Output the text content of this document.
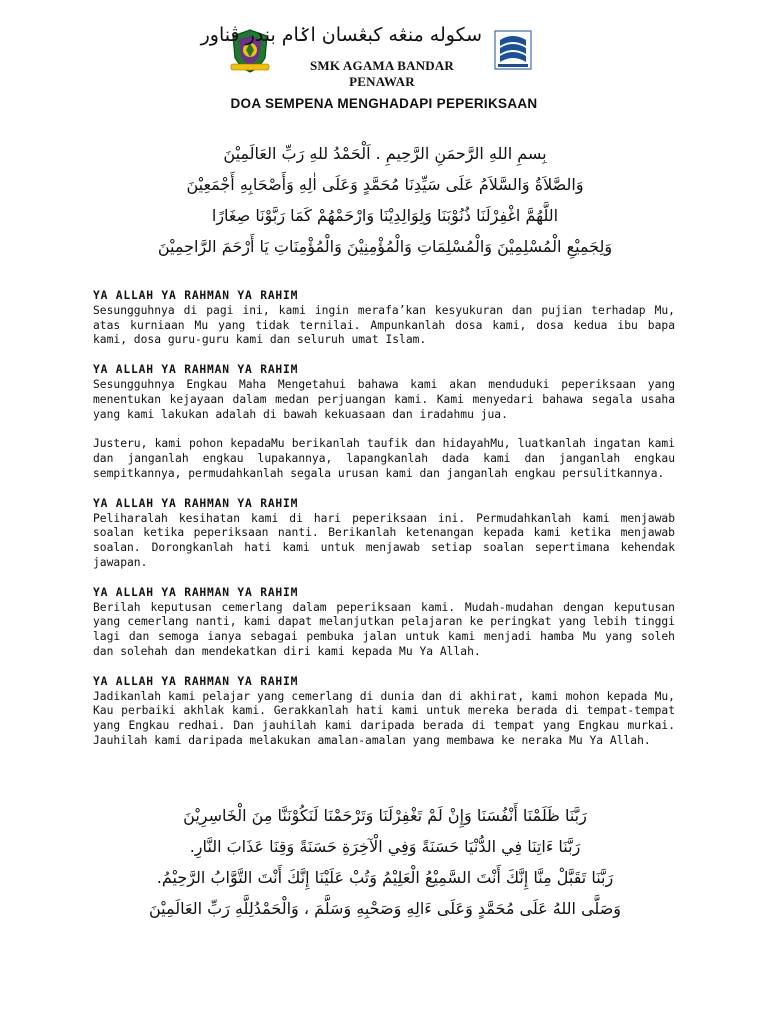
سکوله منڠه کبڠسان اݢام بندر ڤناور
SMK AGAMA BANDAR PENAWAR
DOA SEMPENA MENGHADAPI PEPERIKSAAN
بِسمِ اللهِ الرَّحمَنِ الرَّحِيمِ . اَلْحَمْدُ للهِ رَبِّ العَالَمِيْنَ
وَالصَّلاَةُ وَالسَّلاَمُ عَلَى سَيِّدِنَا مُحَمَّدٍ وَعَلَى اٰلِهِ وَأَصْحَابِهِ أَجْمَعِيْنَ
اللَّهُمَّ اغْفِرْلَنَا ذُنُوْبَنَا وَلِوَالِدِيْنَا وَارْحَمْهُمْ كَمَا رَبَّوْنَا صِغَارًا
وَلِجَمِيْعِ الْمُسْلِمِيْنَ وَالْمُسْلِمَاتِ وَالْمُؤْمِنِيْنَ وَالْمُؤْمِنَاتِ يَا أَرْحَمَ الرَّاحِمِيْنَ
YA ALLAH YA RAHMAN YA RAHIM
Sesungguhnya di pagi ini, kami ingin merafa’kan kesyukuran dan pujian terhadap Mu, atas kurniaan Mu yang tidak ternilai. Ampunkanlah dosa kami, dosa kedua ibu bapa kami, dosa guru-guru kami dan seluruh umat Islam.
YA ALLAH YA RAHMAN YA RAHIM
Sesungguhnya Engkau Maha Mengetahui bahawa kami akan menduduki peperiksaan yang menentukan kejayaan dalam medan perjuangan kami. Kami menyedari bahawa segala usaha yang kami lakukan adalah di bawah kekuasaan dan iradahmu jua.
Justeru, kami pohon kepadaMu berikanlah taufik dan hidayahMu, luatkanlah ingatan kami dan janganlah engkau lupakannya, lapangkanlah dada kami dan janganlah engkau sempitkannya, permudahkanlah segala urusan kami dan janganlah engkau persulitkannya.
YA ALLAH YA RAHMAN YA RAHIM
Peliharalah kesihatan kami di hari peperiksaan ini. Permudahkanlah kami menjawab soalan ketika peperiksaan nanti. Berikanlah ketenangan kepada kami ketika menjawab soalan. Dorongkanlah hati kami untuk menjawab setiap soalan sepertimana kehendak jawapan.
YA ALLAH YA RAHMAN YA RAHIM
Berilah keputusan cemerlang dalam peperiksaan kami. Mudah-mudahan dengan keputusan yang cemerlang nanti, kami dapat melanjutkan pelajaran ke peringkat yang lebih tinggi lagi dan semoga ianya sebagai pembuka jalan untuk kami menjadi hamba Mu yang soleh dan solehah dan mendekatkan diri kami kepada Mu Ya Allah.
YA ALLAH YA RAHMAN YA RAHIM
Jadikanlah kami pelajar yang cemerlang di dunia dan di akhirat, kami mohon kepada Mu, Kau perbaiki akhlak kami. Gerakkanlah hati kami untuk mereka berada di tempat-tempat yang Engkau redhai. Dan jauhilah kami daripada berada di tempat yang Engkau murkai. Jauhilah kami daripada melakukan amalan-amalan yang membawa ke neraka Mu Ya Allah.
رَبَّنَا ظَلَمْنَا أَنْفُسَنَا وَإِنْ لَمْ تَغْفِرْلَنَا وَتَرْحَمْنَا لَنَكُوْنَنَّا مِنَ الْخَاسِرِيْنَ
رَبَّنَا ءَاتِنَا فِي الدُّنْيَا حَسَنَةً وَفِي الْآخِرَةِ حَسَنَةً وَقِنَا عَذَابَ النَّارِ.
رَبَّنَا تَقَبَّلْ مِنَّا إِنَّكَ أَنْتَ السَّمِيْعُ الْعَلِيْمُ وَتُبْ عَلَيْنَا إِنَّكَ أَنْتَ التَّوَّابُ الرَّحِيْمُ.
وَصَلَّى اللهُ عَلَى مُحَمَّدٍ وَعَلَى ءَالِهِ وَصَحْبِهِ وَسَلَّمَ ، وَالْحَمْدُلِلَّهِ رَبِّ العَالَمِيْنَ
